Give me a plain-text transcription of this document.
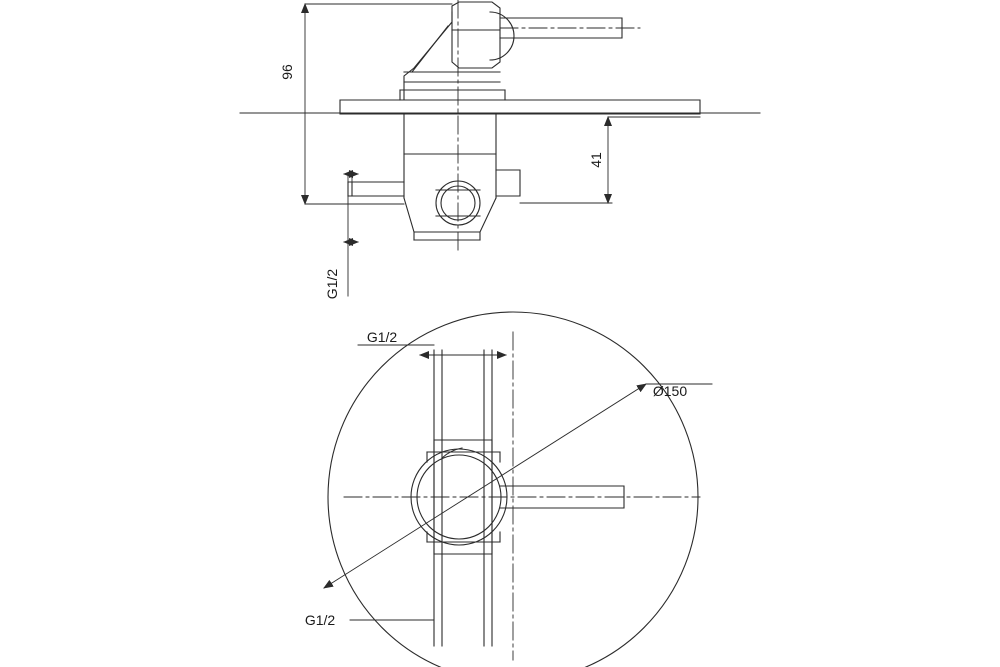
96
41
G1/2
G1/2
G1/2
Ø150
